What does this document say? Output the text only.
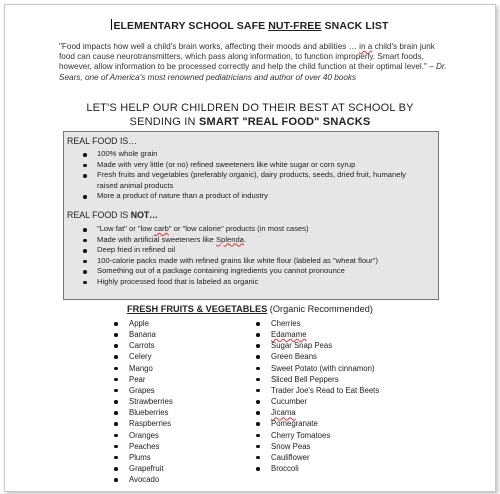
ELEMENTARY SCHOOL SAFE NUT-FREE SNACK LIST
"Food impacts how well a child's brain works, affecting their moods and abilities … in a child's brain junk food can cause neurotransmitters, which pass along information, to function improperly. Smart foods, however, allow information to be processed correctly and help the child function at their optimal level." – Dr. Sears, one of America's most renowned pediatricians and author of over 40 books
LET'S HELP OUR CHILDREN DO THEIR BEST AT SCHOOL BY
SENDING IN SMART "REAL FOOD" SNACKS
REAL FOOD IS…
100% whole grain
Made with very little (or no) refined sweeteners like white sugar or corn syrup
Fresh fruits and vegetables (preferably organic), dairy products, seeds, dried fruit, humanely raised animal products
More a product of nature than a product of industry
REAL FOOD IS NOT…
"Low fat" or "low carb" or "low calorie" products (in most cases)
Made with artificial sweeteners like Splenda.
Deep fried in refined oil
100-calorie packs made with refined grains like white flour (labeled as "wheat flour")
Something out of a package containing ingredients you cannot pronounce
Highly processed food that is labeled as organic
FRESH FRUITS & VEGETABLES (Organic Recommended)
Apple
Banana
Carrots
Celery
Mango
Pear
Grapes
Strawberries
Blueberries
Raspberries
Oranges
Peaches
Plums
Grapefruit
Avocado
Cherries
Edamame
Sugar Snap Peas
Green Beans
Sweet Potato (with cinnamon)
Sliced Bell Peppers
Trader Joe's Read to Eat Beets
Cucumber
Jicama
Pomegranate
Cherry Tomatoes
Snow Peas
Cauliflower
Broccoli
